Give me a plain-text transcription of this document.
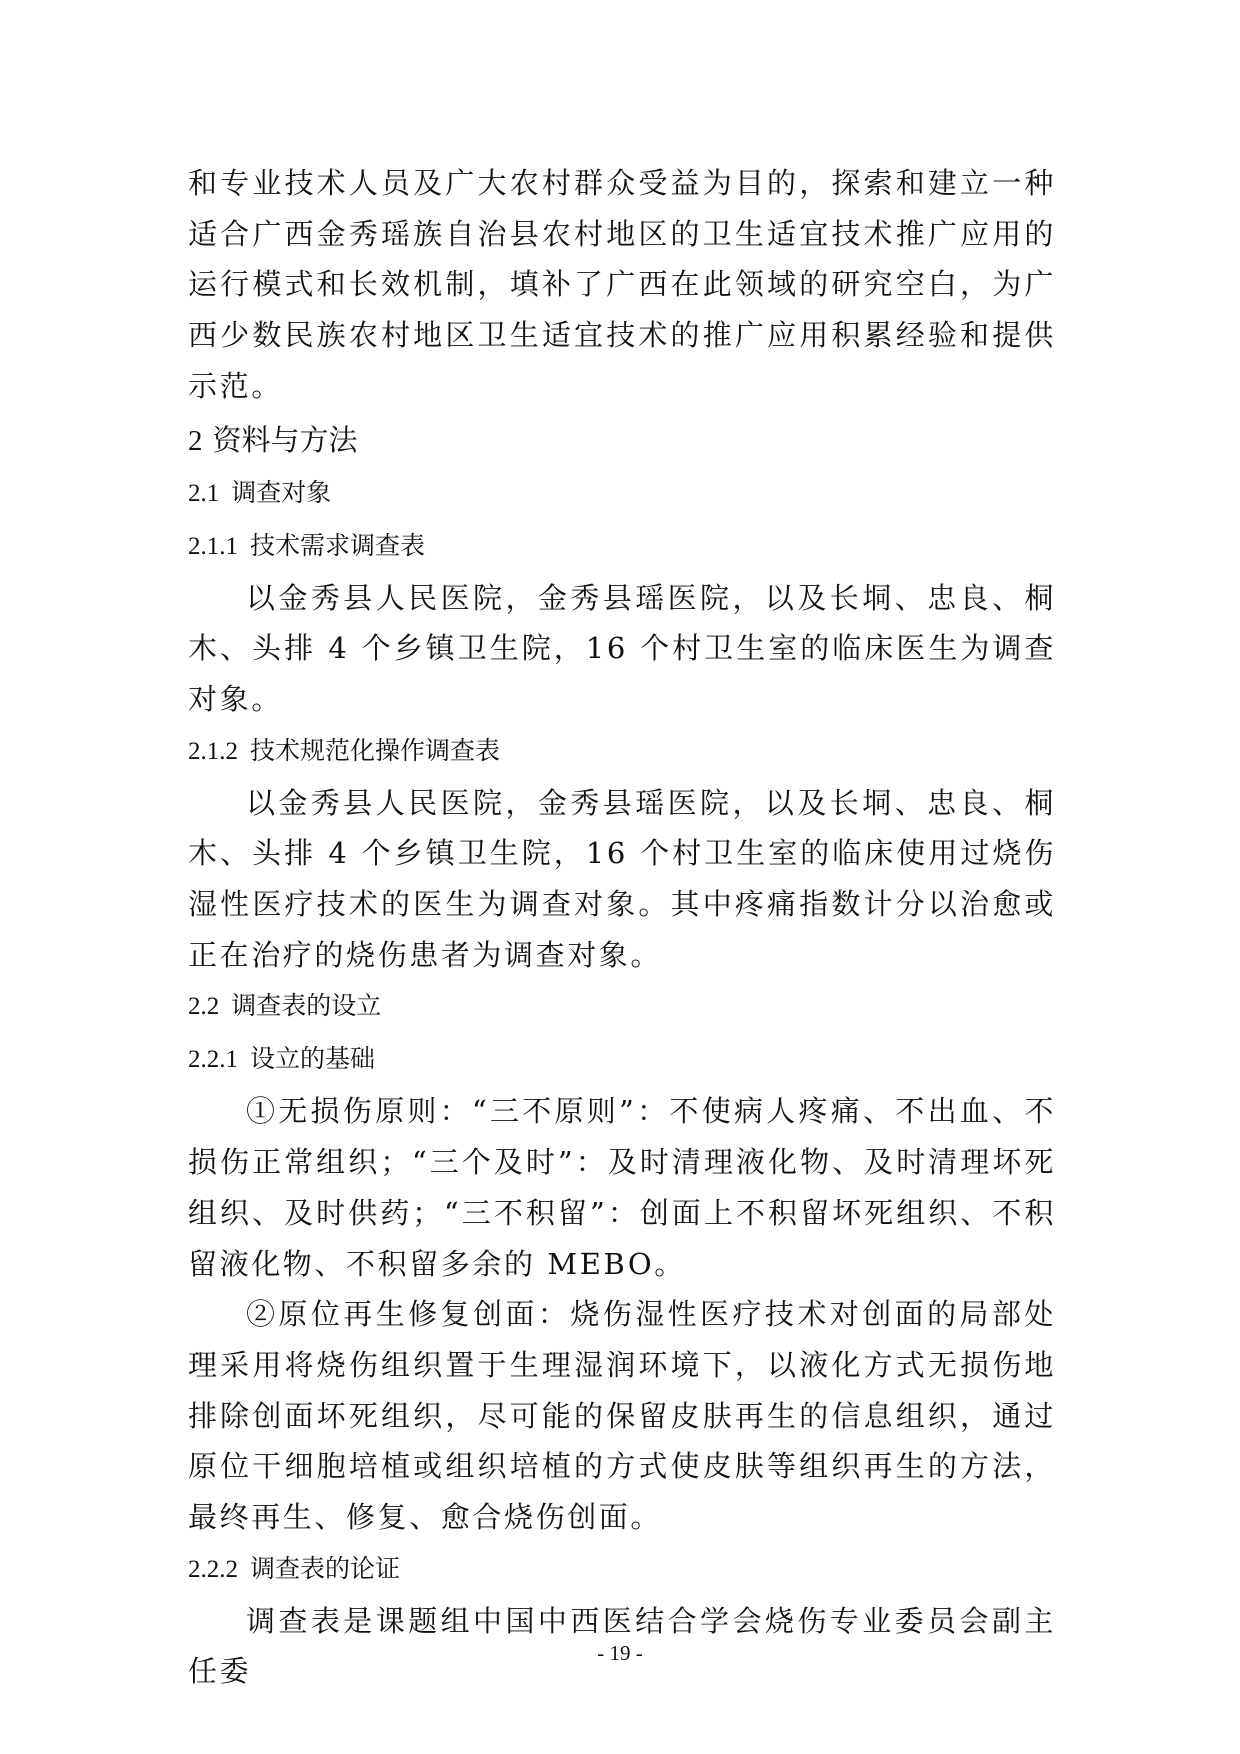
和专业技术人员及广大农村群众受益为目的，探索和建立一种适合广西金秀瑶族自治县农村地区的卫生适宜技术推广应用的运行模式和长效机制，填补了广西在此领域的研究空白，为广西少数民族农村地区卫生适宜技术的推广应用积累经验和提供示范。

2 资料与方法
2.1 调查对象
2.1.1 技术需求调查表

以金秀县人民医院，金秀县瑶医院，以及长垌、忠良、桐木、头排 4 个乡镇卫生院，16 个村卫生室的临床医生为调查对象。

2.1.2 技术规范化操作调查表

以金秀县人民医院，金秀县瑶医院，以及长垌、忠良、桐木、头排 4 个乡镇卫生院，16 个村卫生室的临床使用过烧伤湿性医疗技术的医生为调查对象。其中疼痛指数计分以治愈或正在治疗的烧伤患者为调查对象。

2.2 调查表的设立
2.2.1 设立的基础

①无损伤原则：“三不原则”：不使病人疼痛、不出血、不损伤正常组织；“三个及时”：及时清理液化物、及时清理坏死组织、及时供药；“三不积留”：创面上不积留坏死组织、不积留液化物、不积留多余的 MEBO。

②原位再生修复创面：烧伤湿性医疗技术对创面的局部处理采用将烧伤组织置于生理湿润环境下，以液化方式无损伤地排除创面坏死组织，尽可能的保留皮肤再生的信息组织，通过原位干细胞培植或组织培植的方式使皮肤等组织再生的方法，最终再生、修复、愈合烧伤创面。

2.2.2 调查表的论证

调查表是课题组中国中西医结合学会烧伤专业委员会副主任委

- 19 -
